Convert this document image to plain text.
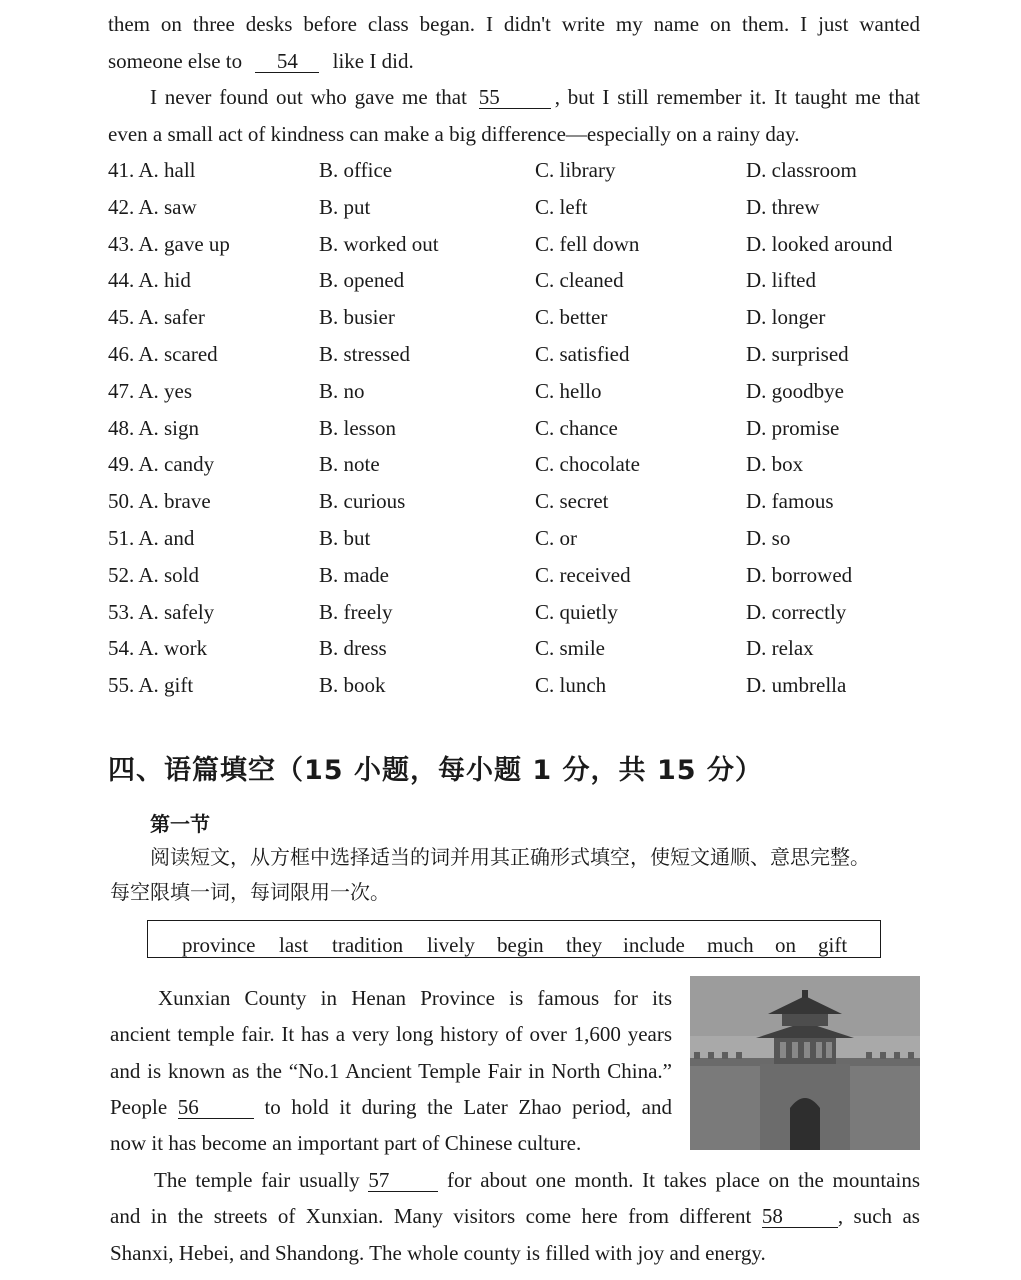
them on three desks before class began. I didn't write my name on them. I just wanted
someone else to 54 like I did.
I never found out who gave me that 55	, but I still remember it. It taught me that
even a small act of kindness can make a big difference—especially on a rainy day.
41. A. hall	B. office	C. library	D. classroom
42. A. saw	B. put	C. left	D. threw
43. A. gave up	B. worked out	C. fell down	D. looked around
44. A. hid	B. opened	C. cleaned	D. lifted
45. A. safer	B. busier	C. better	D. longer
46. A. scared	B. stressed	C. satisfied	D. surprised
47. A. yes	B. no	C. hello	D. goodbye
48. A. sign	B. lesson	C. chance	D. promise
49. A. candy	B. note	C. chocolate	D. box
50. A. brave	B. curious	C. secret	D. famous
51. A. and	B. but	C. or	D. so
52. A. sold	B. made	C. received	D. borrowed
53. A. safely	B. freely	C. quietly	D. correctly
54. A. work	B. dress	C. smile	D. relax
55. A. gift	B. book	C. lunch	D. umbrella
四、语篇填空（15 小题，每小题 1 分，共 15 分）
第一节
阅读短文，从方框中选择适当的词并用其正确形式填空，使短文通顺、意思完整。
每空限填一词，每词限用一次。
province last tradition lively begin they include much on gift
Xunxian County in Henan Province is famous for its
ancient temple fair. It has a very long history of over 1,600 years
and is known as the “No.1 Ancient Temple Fair in North China.”
People 56	to hold it during the Later Zhao period, and
now it has become an important part of Chinese culture.
The temple fair usually 57	for about one month. It takes place on the mountains
and in the streets of Xunxian. Many visitors come here from different 58	, such as
Shanxi, Hebei, and Shandong. The whole county is filled with joy and energy.
